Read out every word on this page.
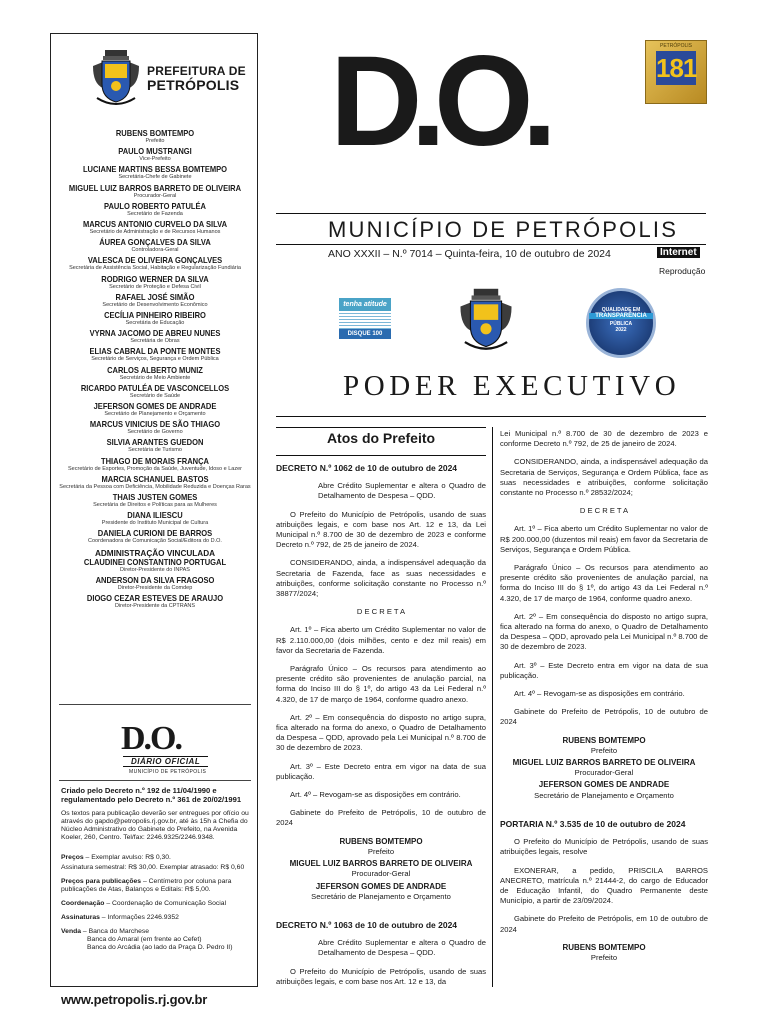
PREFEITURA DE
PETRÓPOLIS
RUBENS BOMTEMPO
Prefeito
PAULO MUSTRANGI
Vice-Prefeito
LUCIANE MARTINS BESSA BOMTEMPO
Secretária-Chefe de Gabinete
MIGUEL LUIZ BARROS BARRETO DE OLIVEIRA
Procurador-Geral
PAULO ROBERTO PATULÉA
Secretário de Fazenda
MARCUS ANTONIO CURVELO DA SILVA
Secretário de Administração e de Recursos Humanos
ÁUREA GONÇALVES DA SILVA
Controladora-Geral
VALESCA DE OLIVEIRA GONÇALVES
Secretária de Assistência Social, Habitação e Regularização Fundiária
RODRIGO WERNER DA SILVA
Secretário de Proteção e Defesa Civil
RAFAEL JOSÉ SIMÃO
Secretário de Desenvolvimento Econômico
CECÍLIA PINHEIRO RIBEIRO
Secretária de Educação
VYRNA JACOMO DE ABREU NUNES
Secretária de Obras
ELIAS CABRAL DA PONTE MONTES
Secretário de Serviços, Segurança e Ordem Pública
CARLOS ALBERTO MUNIZ
Secretário de Meio Ambiente
RICARDO PATULÉA DE VASCONCELLOS
Secretário de Saúde
JEFERSON GOMES DE ANDRADE
Secretário de Planejamento e Orçamento
MARCUS VINICIUS DE SÃO THIAGO
Secretário de Governo
SILVIA ARANTES GUEDON
Secretária de Turismo
THIAGO DE MORAIS FRANÇA
Secretário de Esportes, Promoção da Saúde, Juventude, Idoso e Lazer
MARCIA SCHANUEL BASTOS
Secretária da Pessoa com Deficiência, Mobilidade Reduzida e Doenças Raras
THAIS JUSTEN GOMES
Secretária de Direitos e Políticas para as Mulheres
DIANA ILIESCU
Presidente do Instituto Municipal de Cultura
DANIELA CURIONI DE BARROS
Coordenadora de Comunicação Social/Editora do D.O.
ADMINISTRAÇÃO VINCULADA
CLAUDINEI CONSTANTINO PORTUGAL
Diretor-Presidente do INPAS
ANDERSON DA SILVA FRAGOSO
Diretor-Presidente da Comdep
DIOGO CEZAR ESTEVES DE ARAUJO
Diretor-Presidente da CPTRANS
D.O.
DIÁRIO OFICIAL
MUNICÍPIO DE PETRÓPOLIS
Criado pelo Decreto n.º 192 de 11/04/1990 e regulamentado pelo Decreto n.º 361 de 20/02/1991
Os textos para publicação deverão ser entregues por ofício ou através do gapdo@petropolis.rj.gov.br, até às 15h a Chefia do Núcleo Administrativo do Gabinete do Prefeito, na Avenida Koeler, 260, Centro. Tel/fax: 2246.9325/2246.9348.
Preços – Exemplar avulso: R$ 0,30.
Assinatura semestral: R$ 30,00. Exemplar atrasado: R$ 0,60
Preços para publicações – Centímetro por coluna para publicações de Atas, Balanços e Editais: R$ 5,00.
Coordenação – Coordenação de Comunicação Social
Assinaturas – Informações 2246.9352
Venda – Banca do Marchese
Banca do Amaral (em frente ao Cefet)
Banca do Arcádia (ao lado da Praça D. Pedro II)
www.petropolis.rj.gov.br
D.O.	PETRÓPOLIS
181
MUNICÍPIO DE PETRÓPOLIS
ANO XXXII – N.º 7014 – Quinta-feira, 10 de outubro de 2024	Internet
Reprodução
tenha atitude
DISQUE 100
QUALIDADE EM
TRANSPARÊNCIA
PÚBLICA
2022
PODER EXECUTIVO
Atos do Prefeito

DECRETO N.º 1062 de 10 de outubro de 2024

Abre Crédito Suplementar e altera o Quadro de Detalhamento de Despesa – QDD.

O Prefeito do Município de Petrópolis, usando de suas atribuições legais, e com base nos Art. 12 e 13, da Lei Municipal n.º 8.700 de 30 de dezembro de 2023 e conforme Decreto n.º 792, de 25 de janeiro de 2024.

CONSIDERANDO, ainda, a indispensável adequação da Secretaria de Fazenda, face as suas necessidades e atribuições, conforme solicitação constante no Processo n.º 38877/2024;

D E C R E T A

Art. 1º – Fica aberto um Crédito Suplementar no valor de R$ 2.110.000,00 (dois milhões, cento e dez mil reais) em favor da Secretaria de Fazenda.

Parágrafo Único – Os recursos para atendimento ao presente crédito são provenientes de anulação parcial, na forma do Inciso III do § 1º, do artigo 43 da Lei Federal n.º 4.320, de 17 de março de 1964, conforme quadro anexo.

Art. 2º – Em consequência do disposto no artigo supra, fica alterado na forma do anexo, o Quadro de Detalhamento da Despesa – QDD, aprovado pela Lei Municipal n.º 8.700 de 30 de dezembro de 2023.

Art. 3º – Este Decreto entra em vigor na data de sua publicação.

Art. 4º – Revogam-se as disposições em contrário.

Gabinete do Prefeito de Petrópolis, 10 de outubro de 2024

RUBENS BOMTEMPO

Prefeito

MIGUEL LUIZ BARROS BARRETO DE OLIVEIRA

Procurador-Geral

JEFERSON GOMES DE ANDRADE

Secretário de Planejamento e Orçamento

DECRETO N.º 1063 de 10 de outubro de 2024

Abre Crédito Suplementar e altera o Quadro de Detalhamento de Despesa – QDD.

O Prefeito do Município de Petrópolis, usando de suas atribuições legais, e com base nos Art. 12 e 13, da

Lei Municipal n.º 8.700 de 30 de dezembro de 2023 e conforme Decreto n.º 792, de 25 de janeiro de 2024.

CONSIDERANDO, ainda, a indispensável adequação da Secretaria de Serviços, Segurança e Ordem Pública, face as suas necessidades e atribuições, conforme solicitação constante no Processo n.º 28532/2024;

D E C R E T A

Art. 1º – Fica aberto um Crédito Suplementar no valor de R$ 200.000,00 (duzentos mil reais) em favor da Secretaria de Serviços, Segurança e Ordem Pública.

Parágrafo Único – Os recursos para atendimento ao presente crédito são provenientes de anulação parcial, na forma do Inciso III do § 1º, do artigo 43 da Lei Federal n.º 4.320, de 17 de março de 1964, conforme quadro anexo.

Art. 2º – Em consequência do disposto no artigo supra, fica alterado na forma do anexo, o Quadro de Detalhamento da Despesa – QDD, aprovado pela Lei Municipal n.º 8.700 de 30 de dezembro de 2023.

Art. 3º – Este Decreto entra em vigor na data de sua publicação.

Art. 4º – Revogam-se as disposições em contrário.

Gabinete do Prefeito de Petrópolis, 10 de outubro de 2024

RUBENS BOMTEMPO

Prefeito

MIGUEL LUIZ BARROS BARRETO DE OLIVEIRA

Procurador-Geral

JEFERSON GOMES DE ANDRADE

Secretário de Planejamento e Orçamento

PORTARIA N.º 3.535 de 10 de outubro de 2024

O Prefeito do Município de Petrópolis, usando de suas atribuições legais, resolve

EXONERAR, a pedido, PRISCILA BARROS ANECRETO, matrícula n.º 21444-2, do cargo de Educador de Educação Infantil, do Quadro Permanente deste Município, a partir de 23/09/2024.

Gabinete do Prefeito de Petrópolis, em 10 de outubro de 2024

RUBENS BOMTEMPO

Prefeito
